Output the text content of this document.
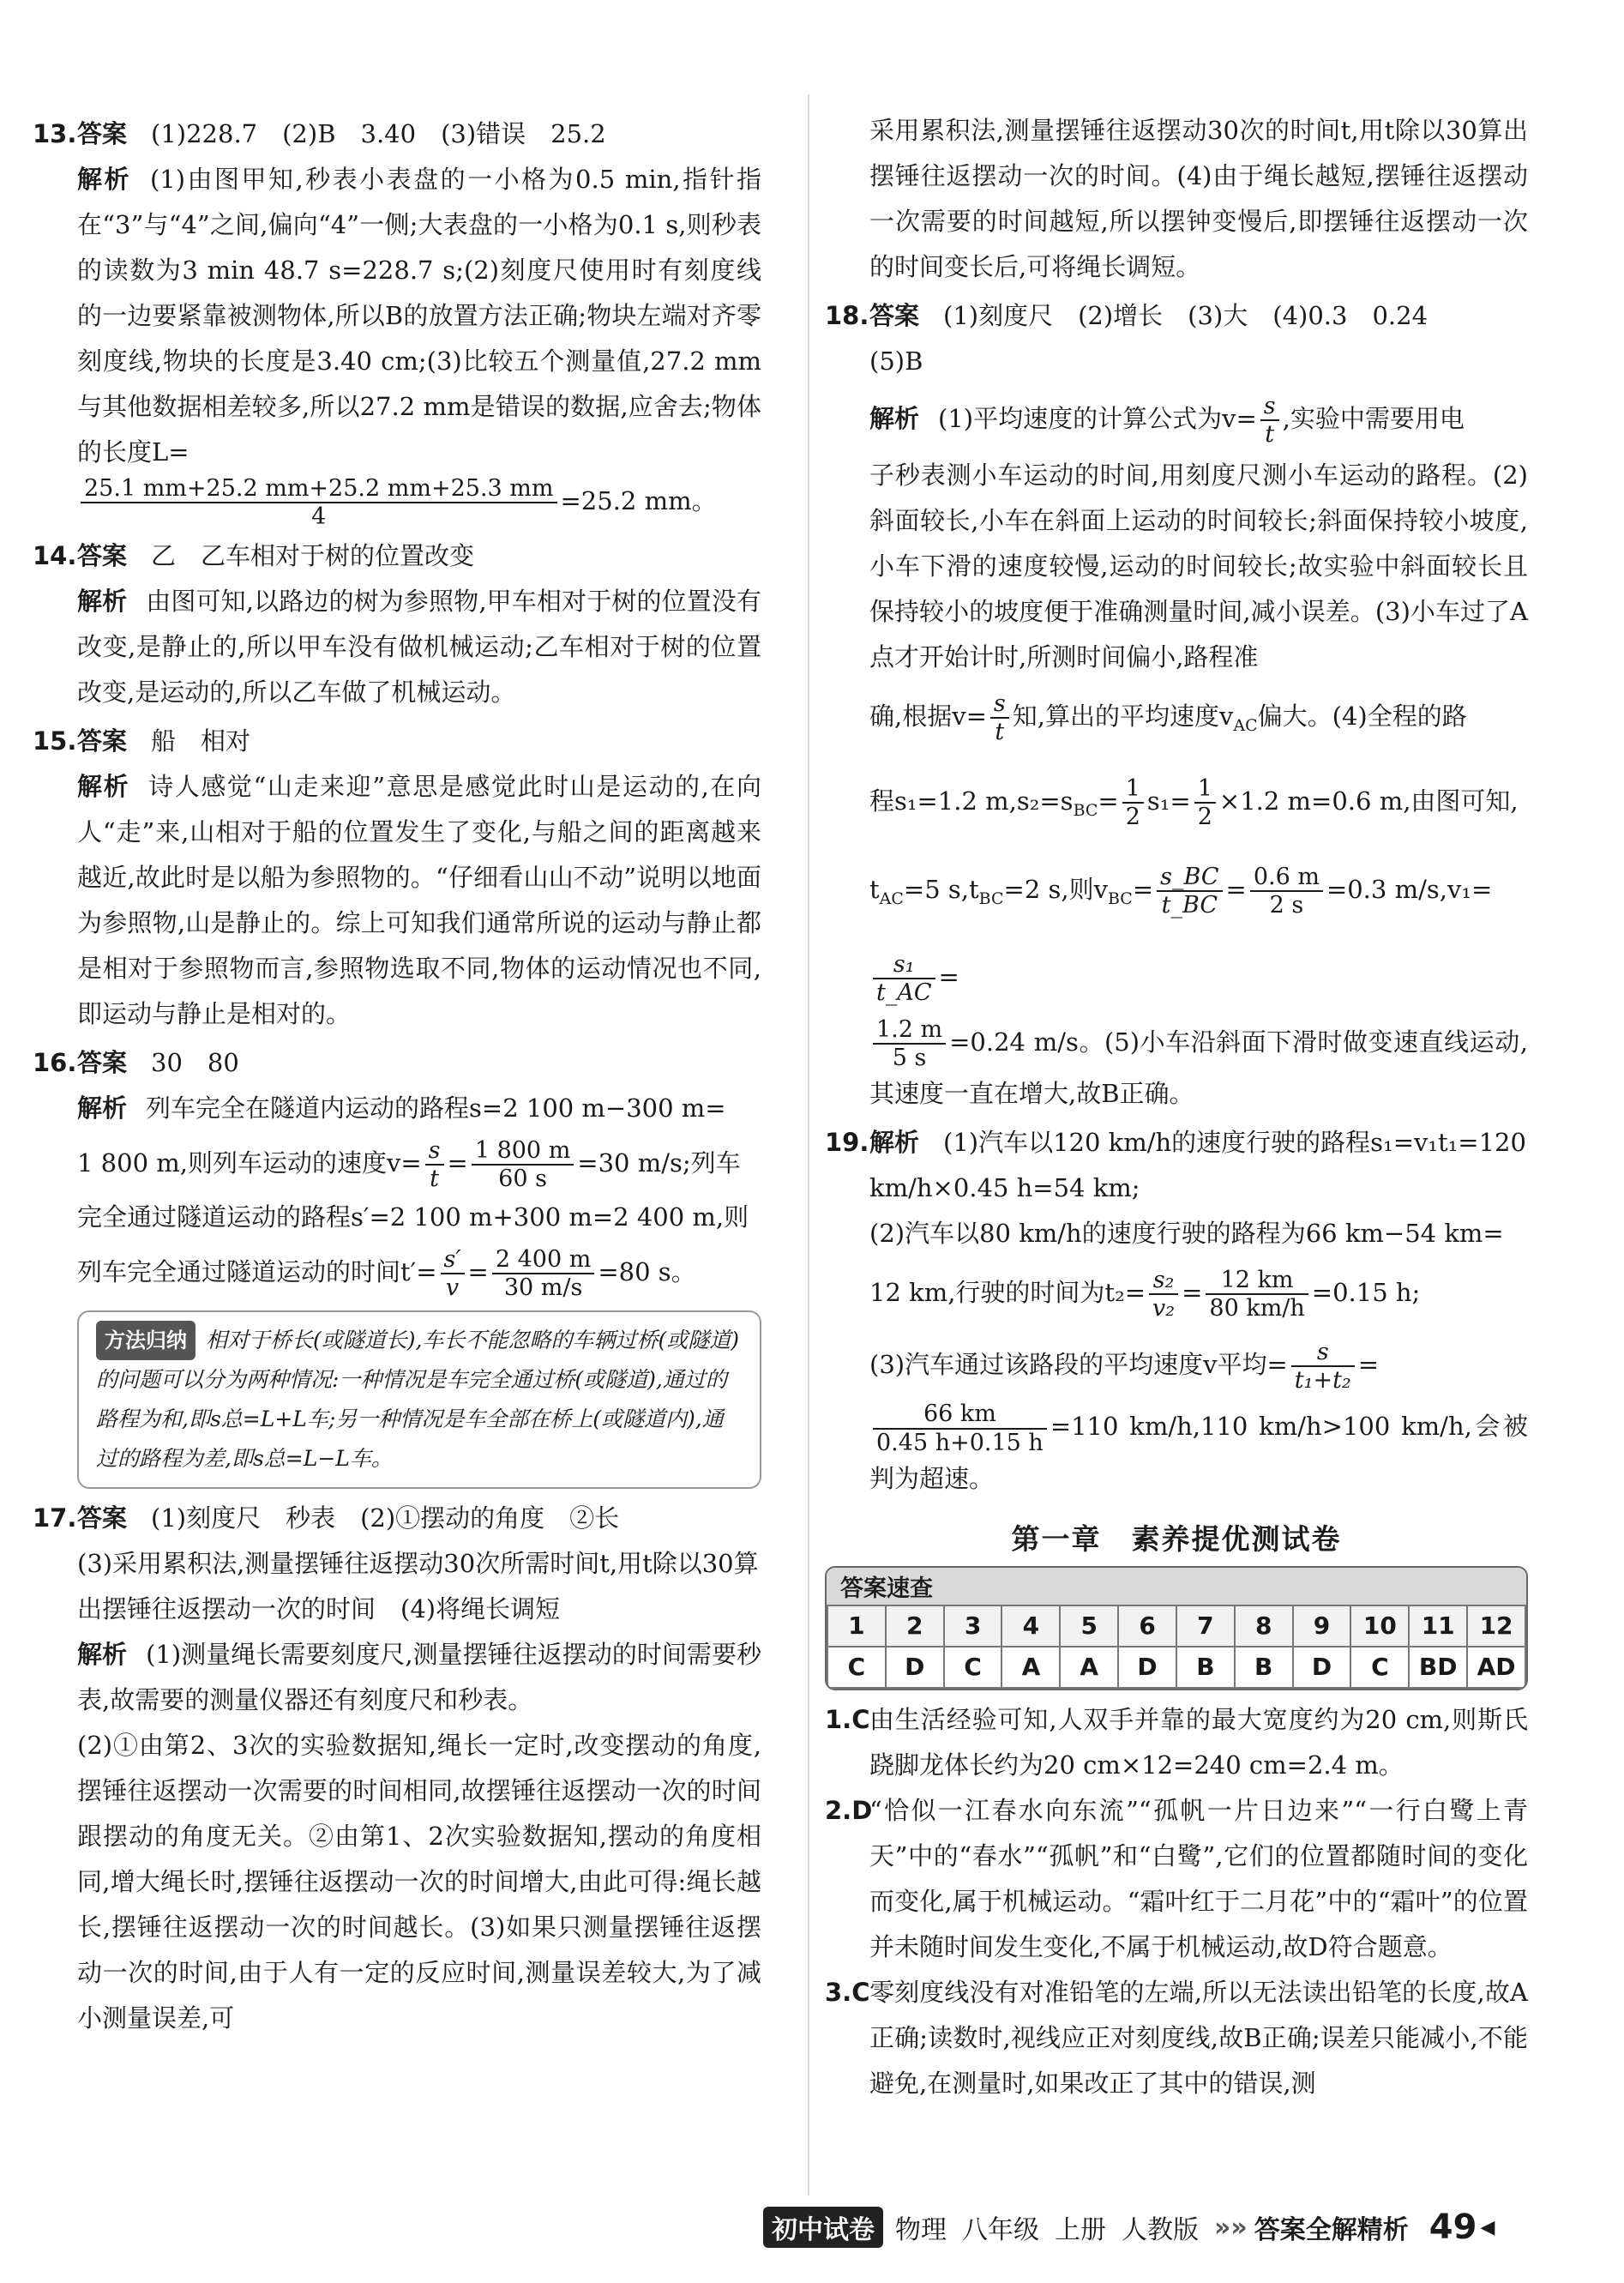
13. 答案 (1)228.7　(2)B　3.40　(3)错误　25.2
解析 (1)由图甲知,秒表小表盘的一小格为0.5 min,指针指在“3”与“4”之间,偏向“4”一侧;大表盘的一小格为0.1 s,则秒表的读数为3 min 48.7 s=228.7 s;(2)刻度尺使用时有刻度线的一边要紧靠被测物体,所以B的放置方法正确;物块左端对齐零刻度线,物块的长度是3.40 cm;(3)比较五个测量值,27.2 mm与其他数据相差较多,所以27.2 mm是错误的数据,应舍去;物体的长度L=
$\frac{25.1 mm+25.2 mm+25.2 mm+25.3 mm}{4} =25.2$ mm。
14. 答案 乙　乙车相对于树的位置改变
解析 由图可知,以路边的树为参照物,甲车相对于树的位置没有改变,是静止的,所以甲车没有做机械运动;乙车相对于树的位置改变,是运动的,所以乙车做了机械运动。
15. 答案 船　相对
解析 诗人感觉“山走来迎”意思是感觉此时山是运动的,在向人“走”来,山相对于船的位置发生了变化,与船之间的距离越来越近,故此时是以船为参照物的。“仔细看山山不动”说明以地面为参照物,山是静止的。综上可知我们通常所说的运动与静止都是相对于参照物而言,参照物选取不同,物体的运动情况也不同,即运动与静止是相对的。
16. 答案 30　80
解析 列车完全在隧道内运动的路程s=2 100 m−300 m=
1 800 m,则列车运动的速度$v= \frac{s}{t} = \frac{1 800 m}{60 s} =30$ m/s;列车
完全通过隧道运动的路程s′=2 100 m+300 m=2 400 m,则
列车完全通过隧道运动的时间$t'= \frac{s'}{v} = \frac{2 400 m}{30 m/s} =80$ s。
方法归纳 相对于桥长(或隧道长),车长不能忽略的车辆过桥(或隧道)的问题可以分为两种情况:一种情况是车完全通过桥(或隧道),通过的路程为和,即s总=L+L车;另一种情况是车全部在桥上(或隧道内),通过的路程为差,即s总=L−L车。
17. 答案 (1)刻度尺　秒表　(2)①摆动的角度　②长
(3)采用累积法,测量摆锤往返摆动30次所需时间t,用t除以30算出摆锤往返摆动一次的时间　(4)将绳长调短
解析 (1)测量绳长需要刻度尺,测量摆锤往返摆动的时间需要秒表,故需要的测量仪器还有刻度尺和秒表。
(2)①由第2、3次的实验数据知,绳长一定时,改变摆动的角度,摆锤往返摆动一次需要的时间相同,故摆锤往返摆动一次的时间跟摆动的角度无关。②由第1、2次实验数据知,摆动的角度相同,增大绳长时,摆锤往返摆动一次的时间增大,由此可得:绳长越长,摆锤往返摆动一次的时间越长。(3)如果只测量摆锤往返摆动一次的时间,由于人有一定的反应时间,测量误差较大,为了减小测量误差,可
采用累积法,测量摆锤往返摆动30次的时间t,用t除以30算出摆锤往返摆动一次的时间。(4)由于绳长越短,摆锤往返摆动一次需要的时间越短,所以摆钟变慢后,即摆锤往返摆动一次的时间变长后,可将绳长调短。
18. 答案 (1)刻度尺　(2)增长　(3)大　(4)0.3　0.24
(5)B
解析 (1)平均速度的计算公式为$v= \frac{s}{t}$ ,实验中需要用电
子秒表测小车运动的时间,用刻度尺测小车运动的路程。(2)斜面较长,小车在斜面上运动的时间较长;斜面保持较小坡度,小车下滑的速度较慢,运动的时间较长;故实验中斜面较长且保持较小的坡度便于准确测量时间,减小误差。(3)小车过了A点才开始计时,所测时间偏小,路程准
确,根据$v= \frac{s}{t}$ 知,算出的平均速度$v_{AC}$偏大。(4)全程的路
程s₁=1.2 $m,s_2=s_{BC}= \frac{1}{2} s_1= \frac{1}{2} \times 1.2$ m=0.6 m,由图可知,
$t_{AC}=5$ $s,t_{BC}=2$ s,则$v_{BC}= \frac{s\_BC}{t\_BC} = \frac{0.6 m}{2 s} =0.3$ m/s,v₁=
$\frac{\text{s₁}}{t\_AC}$ =
$\frac{1.2 m}{5 s} =0.24$ m/s。(5)小车沿斜面下滑时做变速直线运动,其速度一直在增大,故B正确。
19. 解析 (1)汽车以120 km/h的速度行驶的路程s₁=v₁t₁=120 km/h×0.45 h=54 km;
(2)汽车以80 km/h的速度行驶的路程为66 km−54 km=
12 km,行驶的时间为$t_2= \frac{\text{s₂}}{\text{v₂}} = \frac{12 km}{80 km/h} =0.15$ h;
(3)汽车通过该路段的平均速度v平均= $\frac{s}{\text{t₁+t₂}}$ =
$\frac{66 km}{0.45 h+0.15 h} =110$ km/h,110 km/h>100 km/h,会被判为超速。
第一章　素养提优测试卷
答案速查
1	2	3	4	5	6	7	8	9	10	11	12
C	D	C	A	A	D	B	B	D	C	BD	AD
1.C 由生活经验可知,人双手并靠的最大宽度约为20 cm,则斯氏跷脚龙体长约为20 cm×12=240 cm=2.4 m。
2.D
“恰似一江春水向东流”“孤帆一片日边来”“一行白鹭上青天”中的“春水”“孤帆”和“白鹭”,它们的位置都随时间的变化而变化,属于机械运动。“霜叶红于二月花”中的“霜叶”的位置并未随时间发生变化,不属于机械运动,故D符合题意。
3.C 零刻度线没有对准铅笔的左端,所以无法读出铅笔的长度,故A正确;读数时,视线应正对刻度线,故B正确;误差只能减小,不能避免,在测量时,如果改正了其中的错误,测
初中试卷 物理 八年级 上册 人教版 »» 答案全解精析 49 ◀
